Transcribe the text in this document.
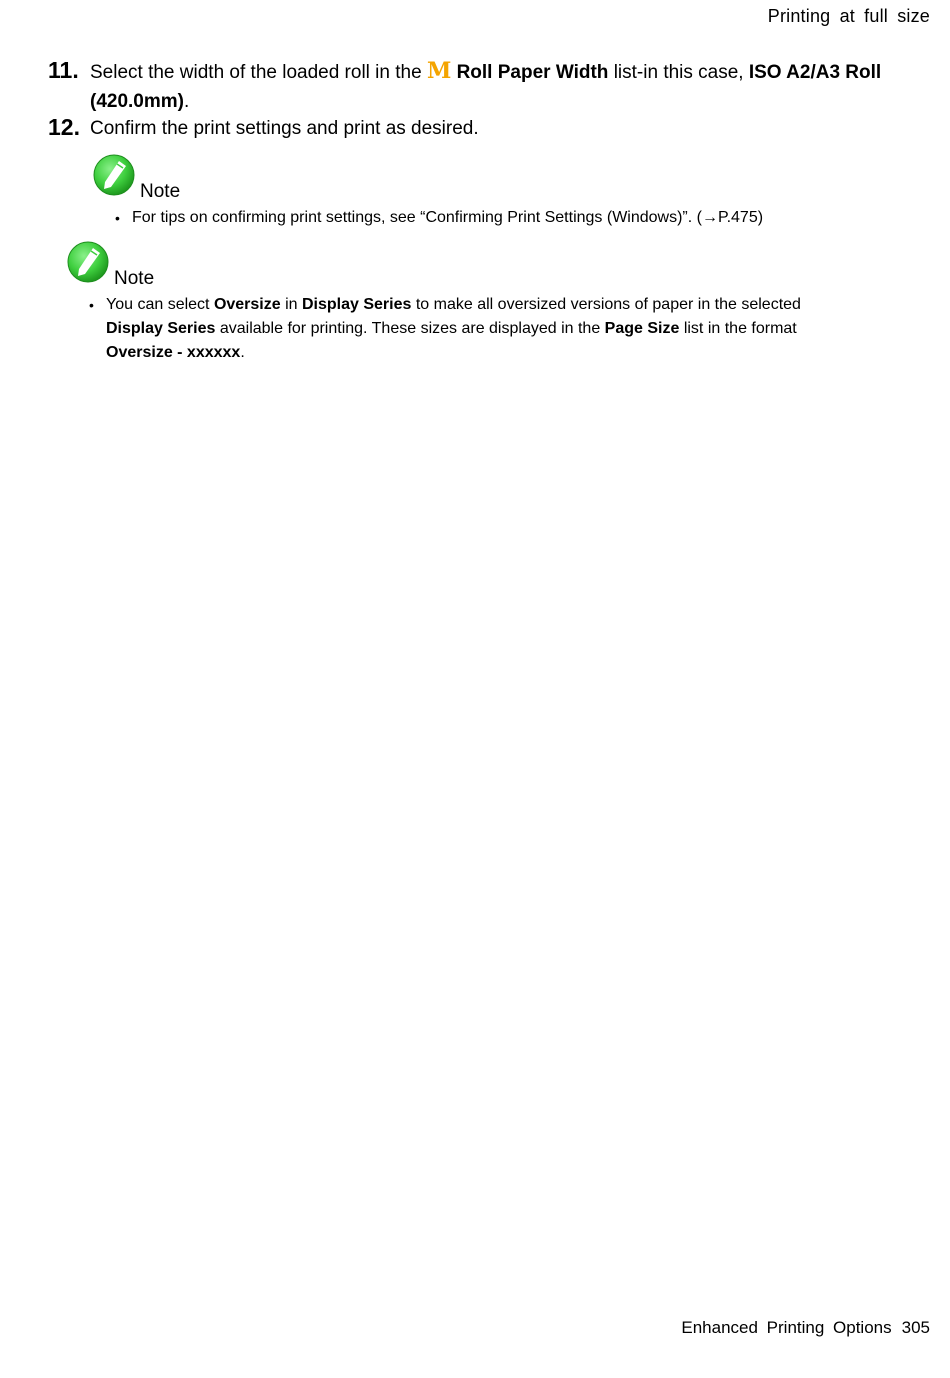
Printing at full size
11. Select the width of the loaded roll in the M Roll Paper Width list-in this case, ISO A2/A3 Roll (420.0mm).
12. Confirm the print settings and print as desired.
Note
• For tips on confirming print settings, see “Confirming Print Settings (Windows)”. (→P.475)
Note
• You can select Oversize in Display Series to make all oversized versions of paper in the selected Display Series available for printing. These sizes are displayed in the Page Size list in the format Oversize - xxxxxx.
Enhanced Printing Options 305
